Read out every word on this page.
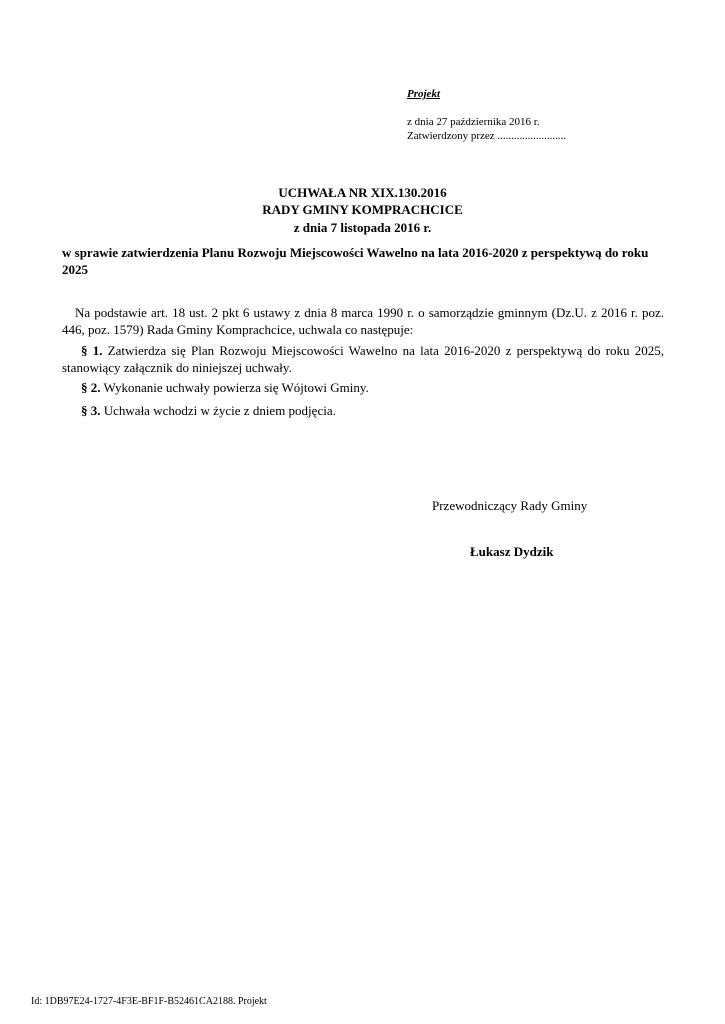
Projekt
z dnia 27 października 2016 r.
Zatwierdzony przez .........................
UCHWAŁA NR XIX.130.2016
RADY GMINY KOMPRACHCICE
z dnia 7 listopada 2016 r.
w sprawie zatwierdzenia Planu Rozwoju Miejscowości Wawelno na lata 2016-2020 z perspektywą do roku 2025
Na podstawie art. 18 ust. 2 pkt 6 ustawy z dnia 8 marca 1990 r. o samorządzie gminnym (Dz.U. z 2016 r. poz. 446, poz. 1579) Rada Gminy Komprachcice, uchwala co następuje:
§ 1. Zatwierdza się Plan Rozwoju Miejscowości Wawelno na lata 2016-2020 z perspektywą do roku 2025, stanowiący załącznik do niniejszej uchwały.
§ 2. Wykonanie uchwały powierza się Wójtowi Gminy.
§ 3. Uchwała wchodzi w życie z dniem podjęcia.
Przewodniczący Rady Gminy
Łukasz Dydzik
Id: 1DB97E24-1727-4F3E-BF1F-B52461CA2188. Projekt
